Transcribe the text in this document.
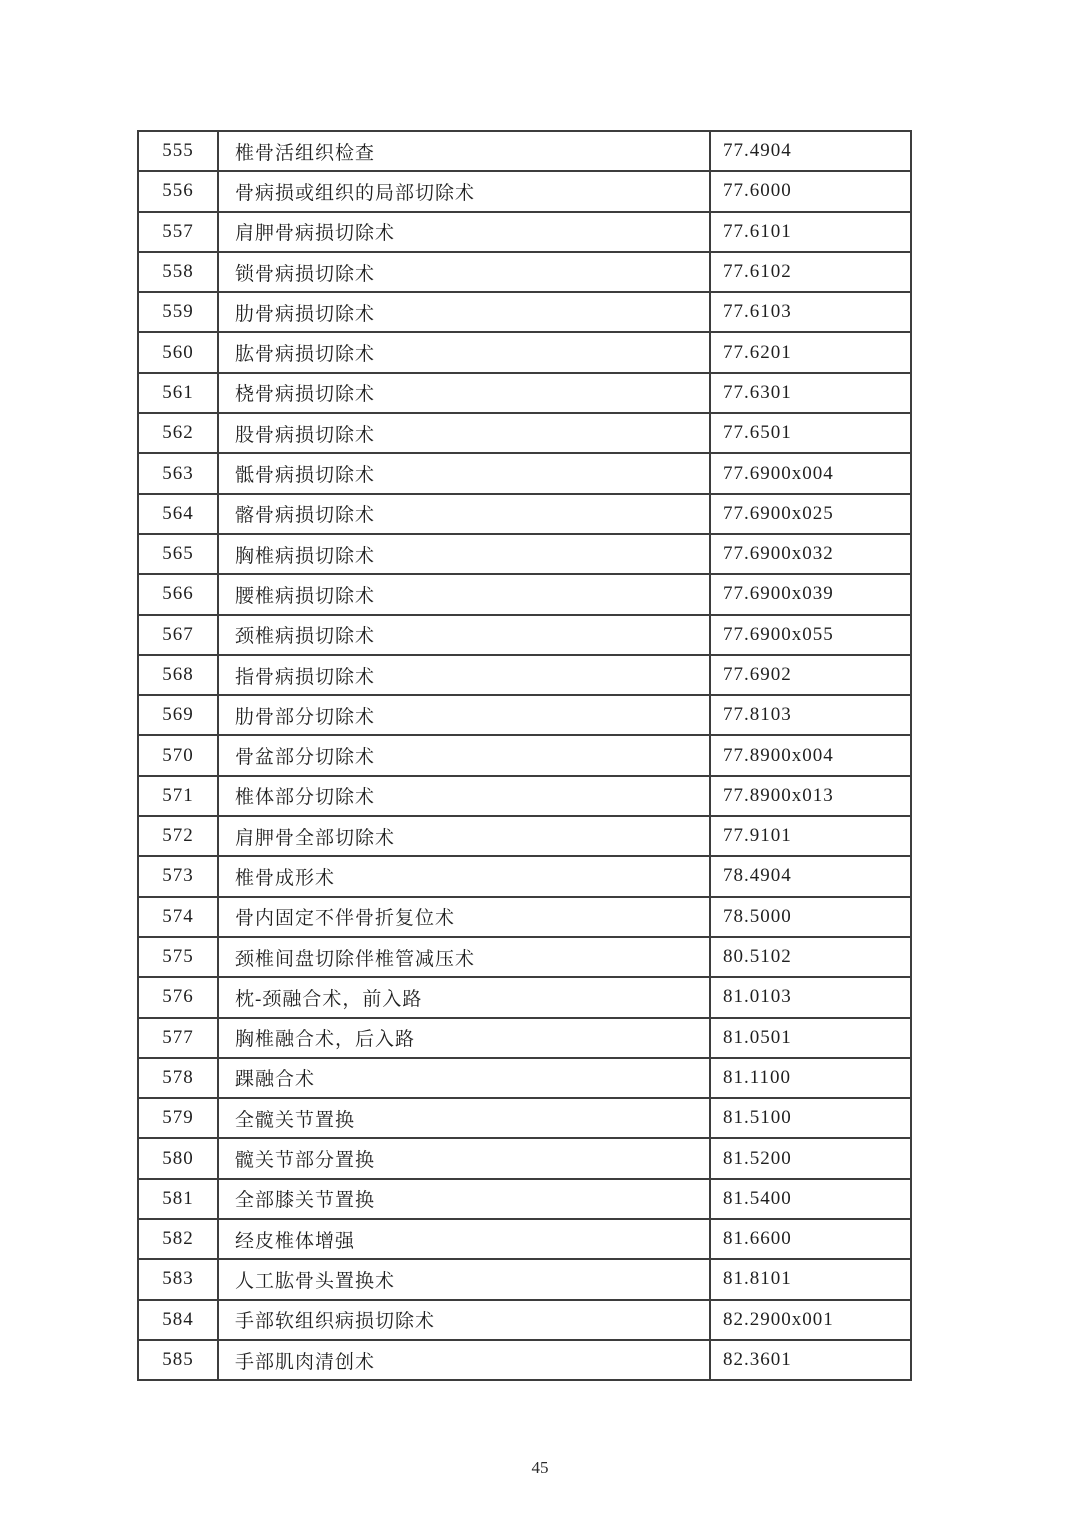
555	椎骨活组织检查	77.4904
556	骨病损或组织的局部切除术	77.6000
557	肩胛骨病损切除术	77.6101
558	锁骨病损切除术	77.6102
559	肋骨病损切除术	77.6103
560	肱骨病损切除术	77.6201
561	桡骨病损切除术	77.6301
562	股骨病损切除术	77.6501
563	骶骨病损切除术	77.6900x004
564	髂骨病损切除术	77.6900x025
565	胸椎病损切除术	77.6900x032
566	腰椎病损切除术	77.6900x039
567	颈椎病损切除术	77.6900x055
568	指骨病损切除术	77.6902
569	肋骨部分切除术	77.8103
570	骨盆部分切除术	77.8900x004
571	椎体部分切除术	77.8900x013
572	肩胛骨全部切除术	77.9101
573	椎骨成形术	78.4904
574	骨内固定不伴骨折复位术	78.5000
575	颈椎间盘切除伴椎管减压术	80.5102
576	枕-颈融合术，前入路	81.0103
577	胸椎融合术，后入路	81.0501
578	踝融合术	81.1100
579	全髋关节置换	81.5100
580	髋关节部分置换	81.5200
581	全部膝关节置换	81.5400
582	经皮椎体增强	81.6600
583	人工肱骨头置换术	81.8101
584	手部软组织病损切除术	82.2900x001
585	手部肌肉清创术	82.3601
45
